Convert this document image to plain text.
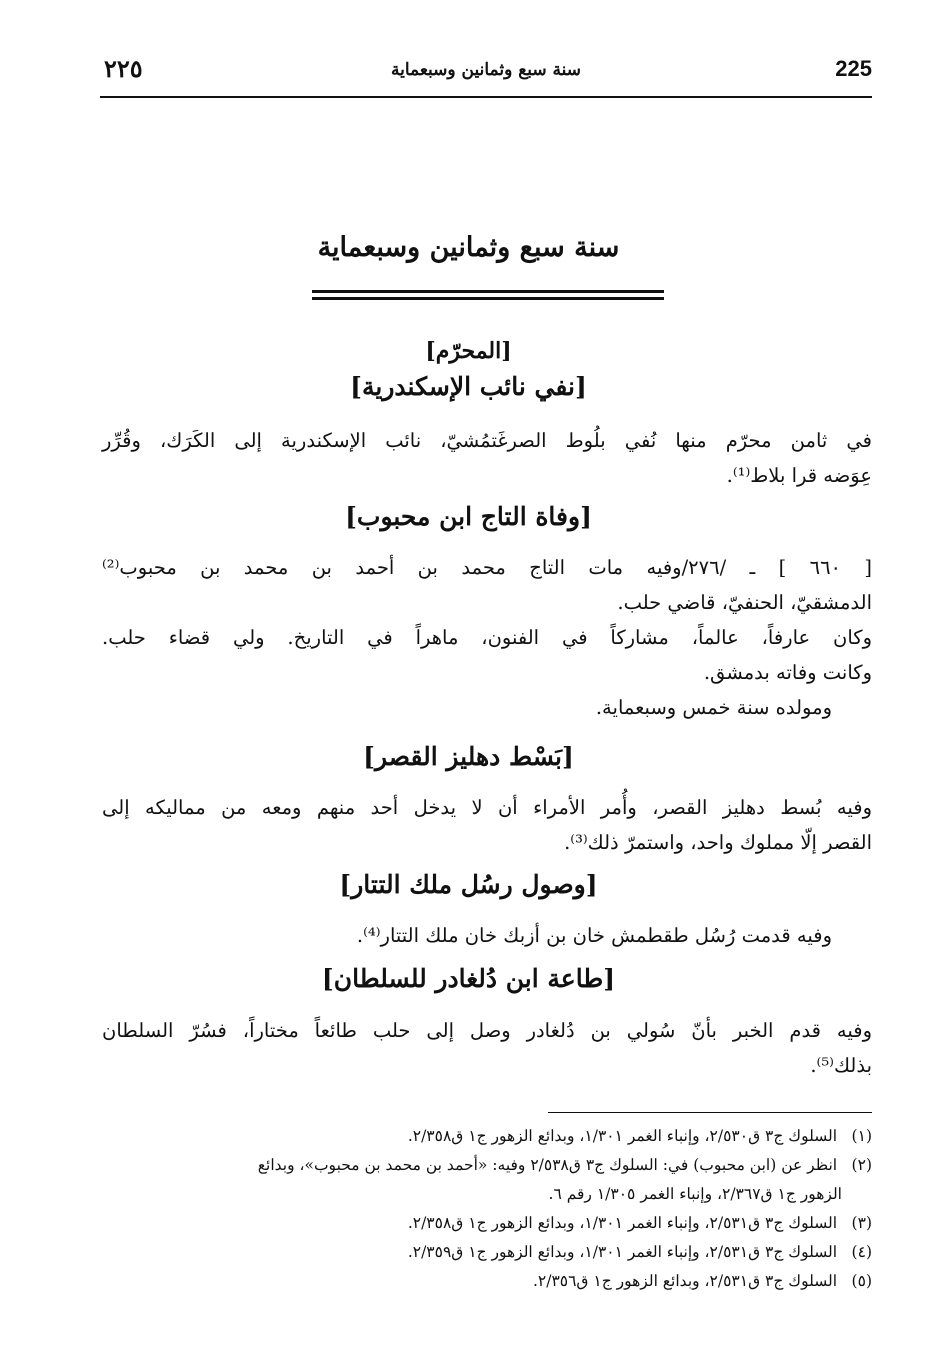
225
سنة سبع وثمانين وسبعماية
٢٢٥
سنة سبع وثمانين وسبعماية
[المحرّم]
[نفي نائب الإسكندرية]
في ثامن محرّم منها نُفي بلُوط الصرغَتمُشيّ، نائب الإسكندرية إلى الكَرَك، وقُرِّر
عِوَضه قرا بلاط⁽¹⁾.
[وفاة التاج ابن محبوب]
[ ٦٦٠ ] ـ /٢٧٦/وفيه مات التاج محمد بن أحمد بن محمد بن محبوب⁽²⁾
الدمشقيّ، الحنفيّ، قاضي حلب.
وكان عارفاً، عالماً، مشاركاً في الفنون، ماهراً في التاريخ. ولي قضاء حلب.
وكانت وفاته بدمشق.
ومولده سنة خمس وسبعماية.
[بَسْط دهليز القصر]
وفيه بُسط دهليز القصر، وأُمر الأمراء أن لا يدخل أحد منهم ومعه من مماليكه إلى
القصر إلّا مملوك واحد، واستمرّ ذلك⁽³⁾.
[وصول رسُل ملك التتار]
وفيه قدمت رُسُل طقطمش خان بن أزبك خان ملك التتار⁽⁴⁾.
[طاعة ابن دُلغادر للسلطان]
وفيه قدم الخبر بأنّ سُولي بن دُلغادر وصل إلى حلب طائعاً مختاراً، فسُرّ السلطان
بذلك⁽⁵⁾.
(١) السلوك ج٣ ق٢/٥٣٠، وإنباء الغمر ١/٣٠١، وبدائع الزهور ج١ ق٢/٣٥٨.
(٢) انظر عن (ابن محبوب) في: السلوك ج٣ ق٢/٥٣٨ وفيه: «أحمد بن محمد بن محبوب»، وبدائع
الزهور ج١ ق٢/٣٦٧، وإنباء الغمر ١/٣٠٥ رقم ٦.
(٣) السلوك ج٣ ق٢/٥٣١، وإنباء الغمر ١/٣٠١، وبدائع الزهور ج١ ق٢/٣٥٨.
(٤) السلوك ج٣ ق٢/٥٣١، وإنباء الغمر ١/٣٠١، وبدائع الزهور ج١ ق٢/٣٥٩.
(٥) السلوك ج٣ ق٢/٥٣١، وبدائع الزهور ج١ ق٢/٣٥٦.
